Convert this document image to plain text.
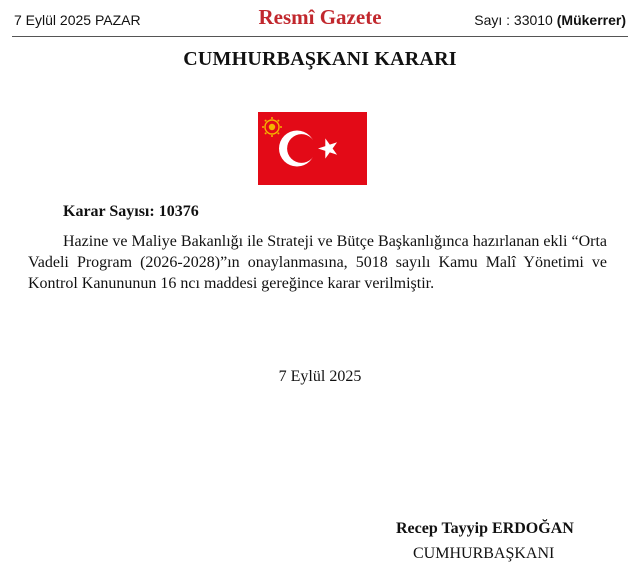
7 Eylül 2025 PAZAR	Resmî Gazete	Sayı : 33010 (Mükerrer)
CUMHURBAŞKANI KARARI
Karar Sayısı: 10376

Hazine ve Maliye Bakanlığı ile Strateji ve Bütçe Başkanlığınca hazırlanan ekli “Orta Vadeli Program (2026-2028)”ın onaylanmasına, 5018 sayılı Kamu Malî Yönetimi ve Kontrol Kanununun 16 ncı maddesi gereğince karar verilmiştir.

7 Eylül 2025
Recep Tayyip ERDOĞAN
CUMHURBAŞKANI
